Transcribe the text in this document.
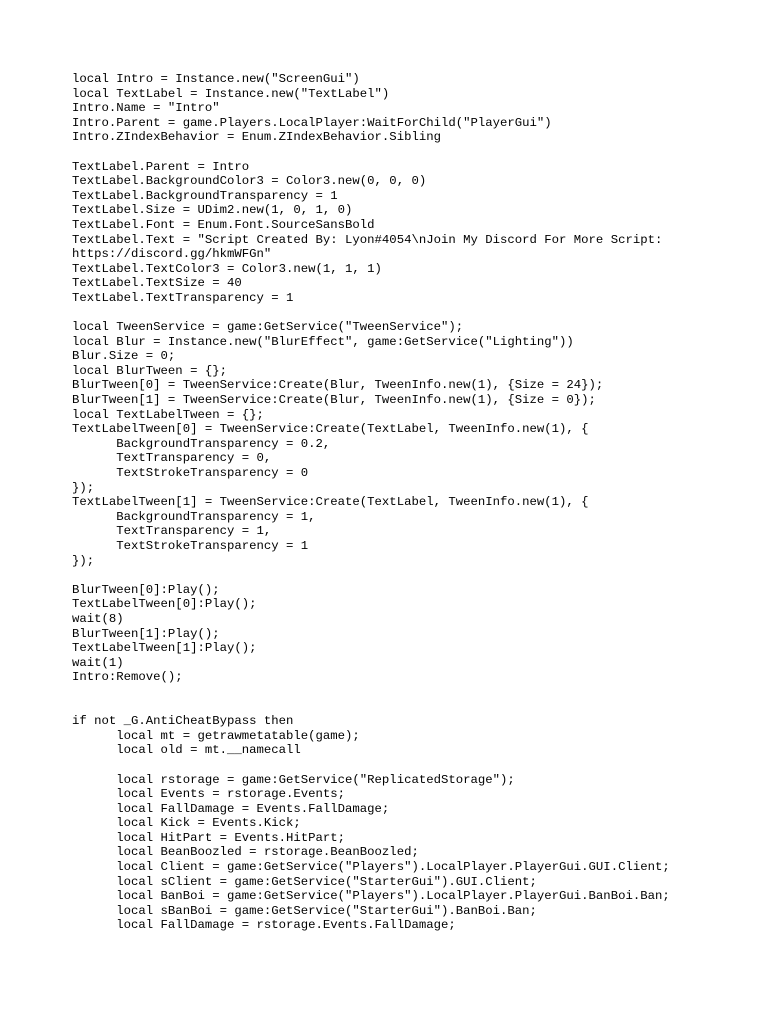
local Intro = Instance.new("ScreenGui")
local TextLabel = Instance.new("TextLabel")
Intro.Name = "Intro"
Intro.Parent = game.Players.LocalPlayer:WaitForChild("PlayerGui")
Intro.ZIndexBehavior = Enum.ZIndexBehavior.Sibling

TextLabel.Parent = Intro
TextLabel.BackgroundColor3 = Color3.new(0, 0, 0)
TextLabel.BackgroundTransparency = 1
TextLabel.Size = UDim2.new(1, 0, 1, 0)
TextLabel.Font = Enum.Font.SourceSansBold
TextLabel.Text = "Script Created By: Lyon#4054\nJoin My Discord For More Script: https://discord.gg/hkmWFGn"
TextLabel.TextColor3 = Color3.new(1, 1, 1)
TextLabel.TextSize = 40
TextLabel.TextTransparency = 1

local TweenService = game:GetService("TweenService");
local Blur = Instance.new("BlurEffect", game:GetService("Lighting"))
Blur.Size = 0;
local BlurTween = {};
BlurTween[0] = TweenService:Create(Blur, TweenInfo.new(1), {Size = 24});
BlurTween[1] = TweenService:Create(Blur, TweenInfo.new(1), {Size = 0});
local TextLabelTween = {};
TextLabelTween[0] = TweenService:Create(TextLabel, TweenInfo.new(1), {
BackgroundTransparency = 0.2,
TextTransparency = 0,
TextStrokeTransparency = 0
});
TextLabelTween[1] = TweenService:Create(TextLabel, TweenInfo.new(1), {
BackgroundTransparency = 1,
TextTransparency = 1,
TextStrokeTransparency = 1
});

BlurTween[0]:Play();
TextLabelTween[0]:Play();
wait(8)
BlurTween[1]:Play();
TextLabelTween[1]:Play();
wait(1)
Intro:Remove();

if not _G.AntiCheatBypass then
local mt = getrawmetatable(game);
local old = mt.__namecall

local rstorage = game:GetService("ReplicatedStorage");
local Events = rstorage.Events;
local FallDamage = Events.FallDamage;
local Kick = Events.Kick;
local HitPart = Events.HitPart;
local BeanBoozled = rstorage.BeanBoozled;
local Client = game:GetService("Players").LocalPlayer.PlayerGui.GUI.Client;
local sClient = game:GetService("StarterGui").GUI.Client;
local BanBoi = game:GetService("Players").LocalPlayer.PlayerGui.BanBoi.Ban;
local sBanBoi = game:GetService("StarterGui").BanBoi.Ban;
local FallDamage = rstorage.Events.FallDamage;
